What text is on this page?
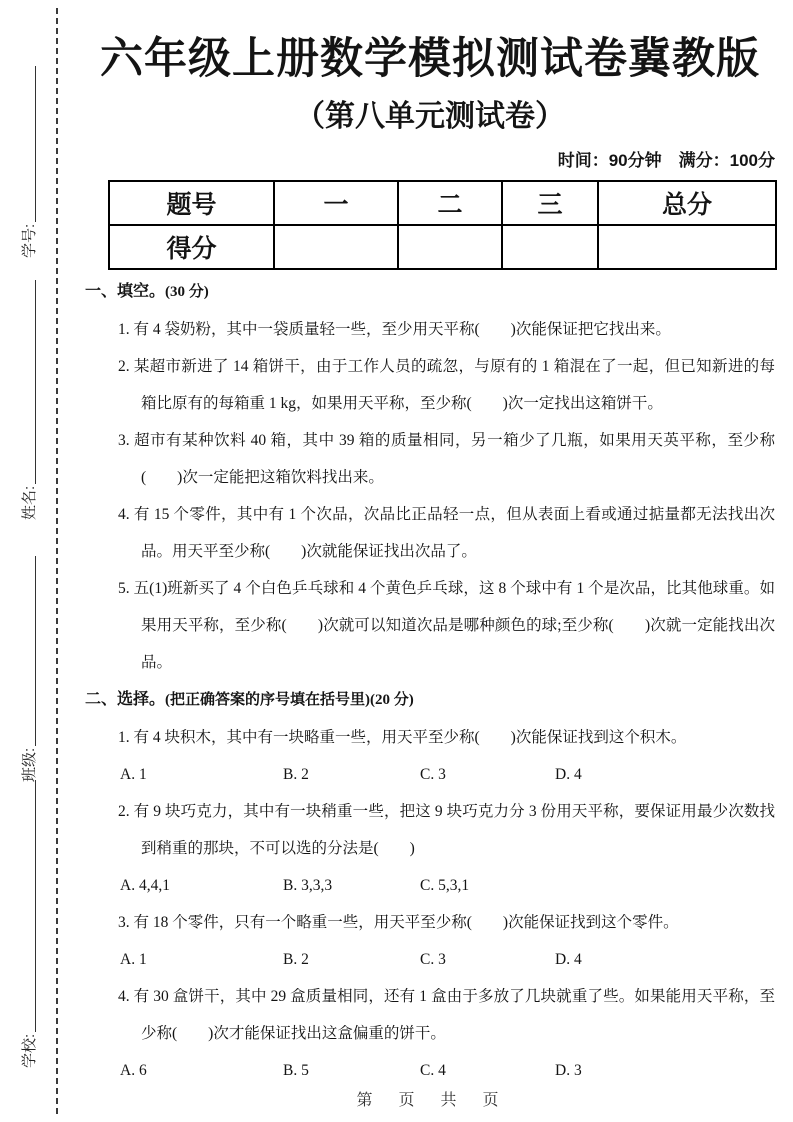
学号:
姓名:
班级:
学校:
六年级上册数学模拟测试卷冀教版
（第八单元测试卷）
时间：90分钟　满分：100分
题号	一	二	三	总分
得分				
一、填空。(30 分)

1. 有 4 袋奶粉，其中一袋质量轻一些，至少用天平称(　　)次能保证把它找出来。

2. 某超市新进了 14 箱饼干，由于工作人员的疏忽，与原有的 1 箱混在了一起，但已知新进的每箱比原有的每箱重 1 kg，如果用天平称，至少称(　　)次一定找出这箱饼干。

3. 超市有某种饮料 40 箱，其中 39 箱的质量相同，另一箱少了几瓶，如果用天英平称，至少称(　　)次一定能把这箱饮料找出来。

4. 有 15 个零件，其中有 1 个次品，次品比正品轻一点，但从表面上看或通过掂量都无法找出次品。用天平至少称(　　)次就能保证找出次品了。

5. 五(1)班新买了 4 个白色乒乓球和 4 个黄色乒乓球，这 8 个球中有 1 个是次品，比其他球重。如果用天平称，至少称(　　)次就可以知道次品是哪种颜色的球;至少称(　　)次就一定能找出次品。

二、选择。(把正确答案的序号填在括号里)(20 分)

1. 有 4 块积木，其中有一块略重一些，用天平至少称(　　)次能保证找到这个积木。

A. 1	B. 2	C. 3	D. 4

2. 有 9 块巧克力，其中有一块稍重一些，把这 9 块巧克力分 3 份用天平称，要保证用最少次数找到稍重的那块，不可以选的分法是(　　)

A. 4,4,1	B. 3,3,3	C. 5,3,1

3. 有 18 个零件，只有一个略重一些，用天平至少称(　　)次能保证找到这个零件。

A. 1	B. 2	C. 3	D. 4

4. 有 30 盒饼干，其中 29 盒质量相同，还有 1 盒由于多放了几块就重了些。如果能用天平称，至少称(　　)次才能保证找出这盒偏重的饼干。

A. 6	B. 5	C. 4	D. 3
第　页　共　页
